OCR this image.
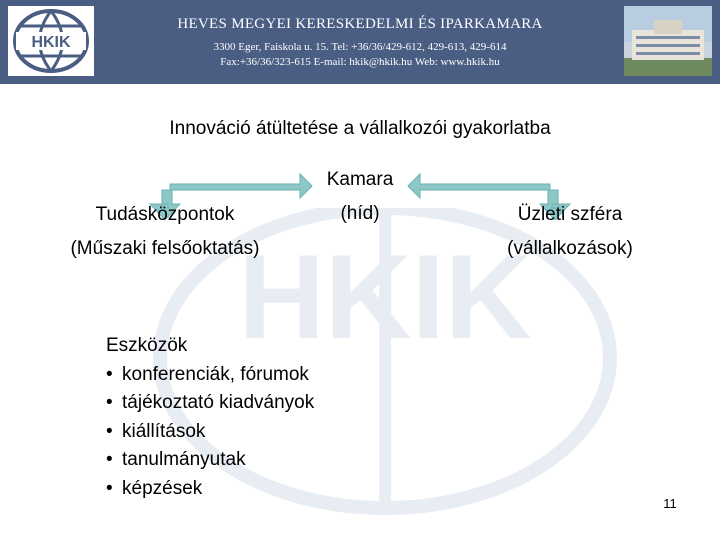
HKIK
HEVES MEGYEI KERESKEDELMI ÉS IPARKAMARA
3300 Eger, Faiskola u. 15. Tel: +36/36/429-612, 429-613, 429-614
Fax:+36/36/323-615 E-mail: hkik@hkik.hu Web: www.hkik.hu
HKIK
Innováció átültetése a vállalkozói gyakorlatba
Tudásközpontok
(Műszaki felsőoktatás)
Kamara
(híd)	Üzleti szféra
(vállalkozások)
Eszközök
• konferenciák, fórumok
• tájékoztató kiadványok
• kiállítások
• tanulmányutak
• képzések
11
